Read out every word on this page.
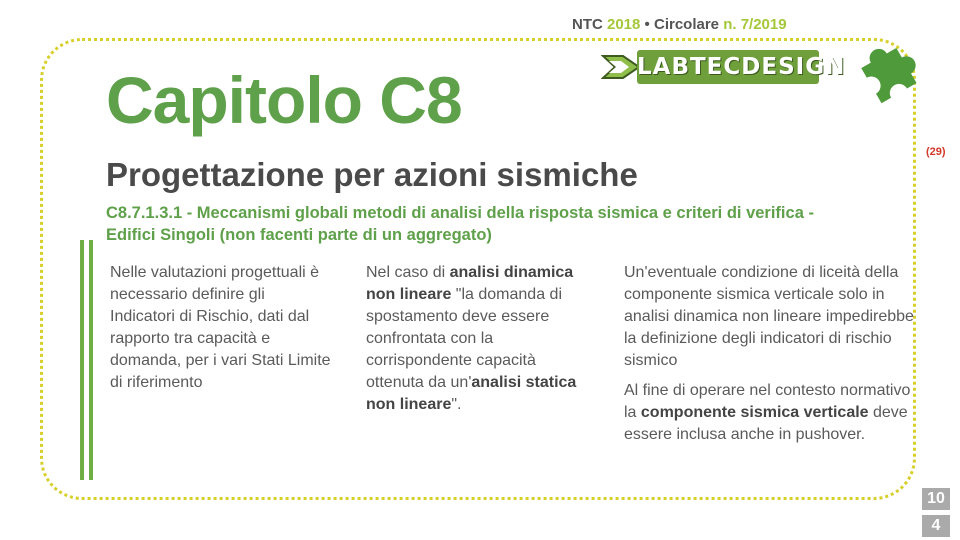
NTC 2018 • Circolare n. 7/2019
LABTECDESIGN
(29)
Capitolo C8
Progettazione per azioni sismiche
C8.7.1.3.1 - Meccanismi globali metodi di analisi della risposta sismica e criteri di verifica - Edifici Singoli (non facenti parte di un aggregato)

Nelle valutazioni progettuali è necessario definire gli Indicatori di Rischio, dati dal rapporto tra capacità e domanda, per i vari Stati Limite di riferimento

Nel caso di analisi dinamica non lineare "la domanda di spostamento deve essere confrontata con la corrispondente capacità ottenuta da un'analisi statica non lineare".

Un'eventuale condizione di liceità della componente sismica verticale solo in analisi dinamica non lineare impedirebbe la definizione degli indicatori di rischio sismico

Al fine di operare nel contesto normativo la componente sismica verticale deve essere inclusa anche in pushover.

10
4
